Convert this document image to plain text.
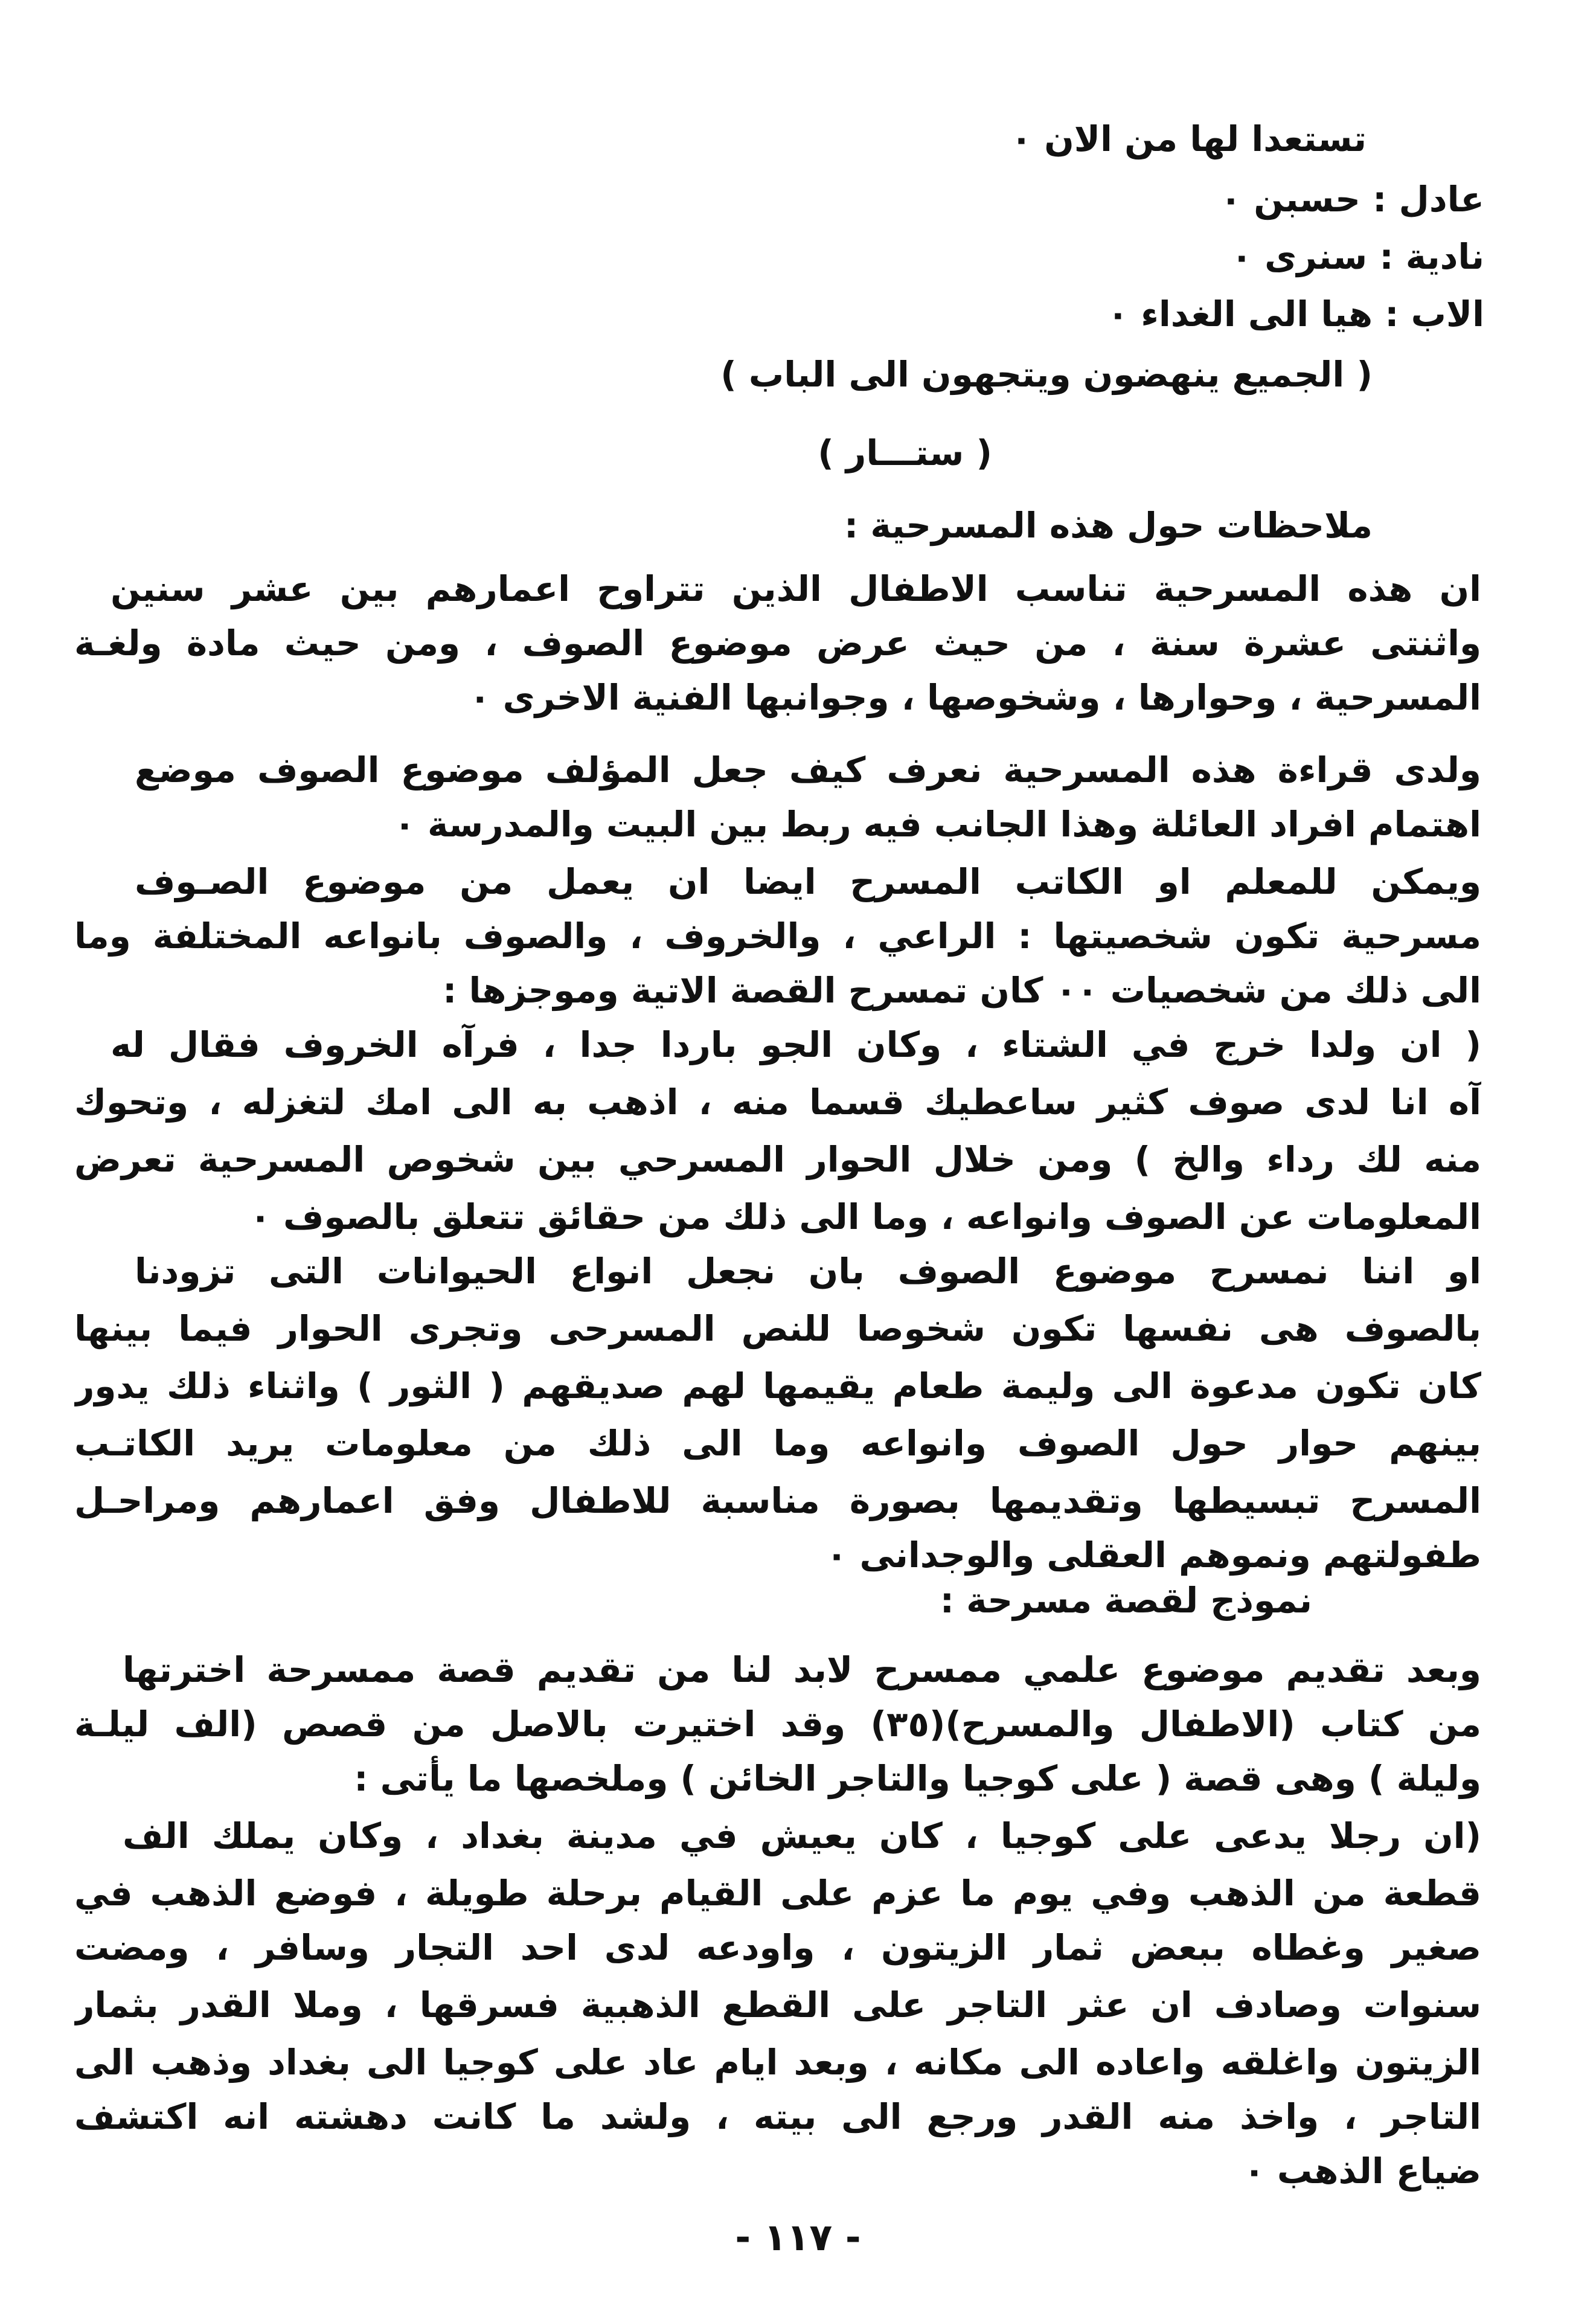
تستعدا لها من الان ٠
عادل : حسبن ٠
نادية : سنرى ٠
الاب : هيا الى الغداء ٠
( الجميع ينهضون ويتجهون الى الباب )
( ستـــار )
ملاحظات حول هذه المسرحية :
ان هذه المسرحية تناسب الاطفال الذين تتراوح اعمارهم بين عشر سنين
واثنتى عشرة سنة ، من حيث عرض موضوع الصوف ، ومن حيث مادة ولغـة
المسرحية ، وحوارها ، وشخوصها ، وجوانبها الفنية الاخرى ٠
ولدى قراءة هذه المسرحية نعرف كيف جعل المؤلف موضوع الصوف موضع
اهتمام افراد العائلة وهذا الجانب فيه ربط بين البيت والمدرسة ٠
ويمكن للمعلم او الكاتب المسرح ايضا ان يعمل من موضوع الصـوف
مسرحية تكون شخصيتها : الراعي ، والخروف ، والصوف بانواعه المختلفة وما
الى ذلك من شخصيات ٠٠ كان تمسرح القصة الاتية وموجزها :
( ان ولدا خرج في الشتاء ، وكان الجو باردا جدا ، فرآه الخروف فقال له
آه انا لدى صوف كثير ساعطيك قسما منه ، اذهب به الى امك لتغزله ، وتحوك
منه لك رداء والخ ) ومن خلال الحوار المسرحي بين شخوص المسرحية تعرض
المعلومات عن الصوف وانواعه ، وما الى ذلك من حقائق تتعلق بالصوف ٠
او اننا نمسرح موضوع الصوف بان نجعل انواع الحيوانات التى تزودنا
بالصوف هى نفسها تكون شخوصا للنص المسرحى وتجرى الحوار فيما بينها
كان تكون مدعوة الى وليمة طعام يقيمها لهم صديقهم ( الثور ) واثناء ذلك يدور
بينهم حوار حول الصوف وانواعه وما الى ذلك من معلومات يريد الكاتـب
المسرح تبسيطها وتقديمها بصورة مناسبة للاطفال وفق اعمارهم ومراحـل
طفولتهم ونموهم العقلى والوجدانى ٠
نموذج لقصة مسرحة :
وبعد تقديم موضوع علمي ممسرح لابد لنا من تقديم قصة ممسرحة اخترتها
من كتاب (الاطفال والمسرح)(٣٥) وقد اختيرت بالاصل من قصص (الف ليلـة
وليلة ) وهى قصة ( على كوجيا والتاجر الخائن ) وملخصها ما يأتى :
(ان رجلا يدعى على كوجيا ، كان يعيش في مدينة بغداد ، وكان يملك الف
قطعة من الذهب وفي يوم ما عزم على القيام برحلة طويلة ، فوضع الذهب في
صغير وغطاه ببعض ثمار الزيتون ، واودعه لدى احد التجار وسافر ، ومضت
سنوات وصادف ان عثر التاجر على القطع الذهبية فسرقها ، وملا القدر بثمار
الزيتون واغلقه واعاده الى مكانه ، وبعد ايام عاد على كوجيا الى بغداد وذهب الى
التاجر ، واخذ منه القدر ورجع الى بيته ، ولشد ما كانت دهشته انه اكتشف
ضياع الذهب ٠
- ١١٧ -
